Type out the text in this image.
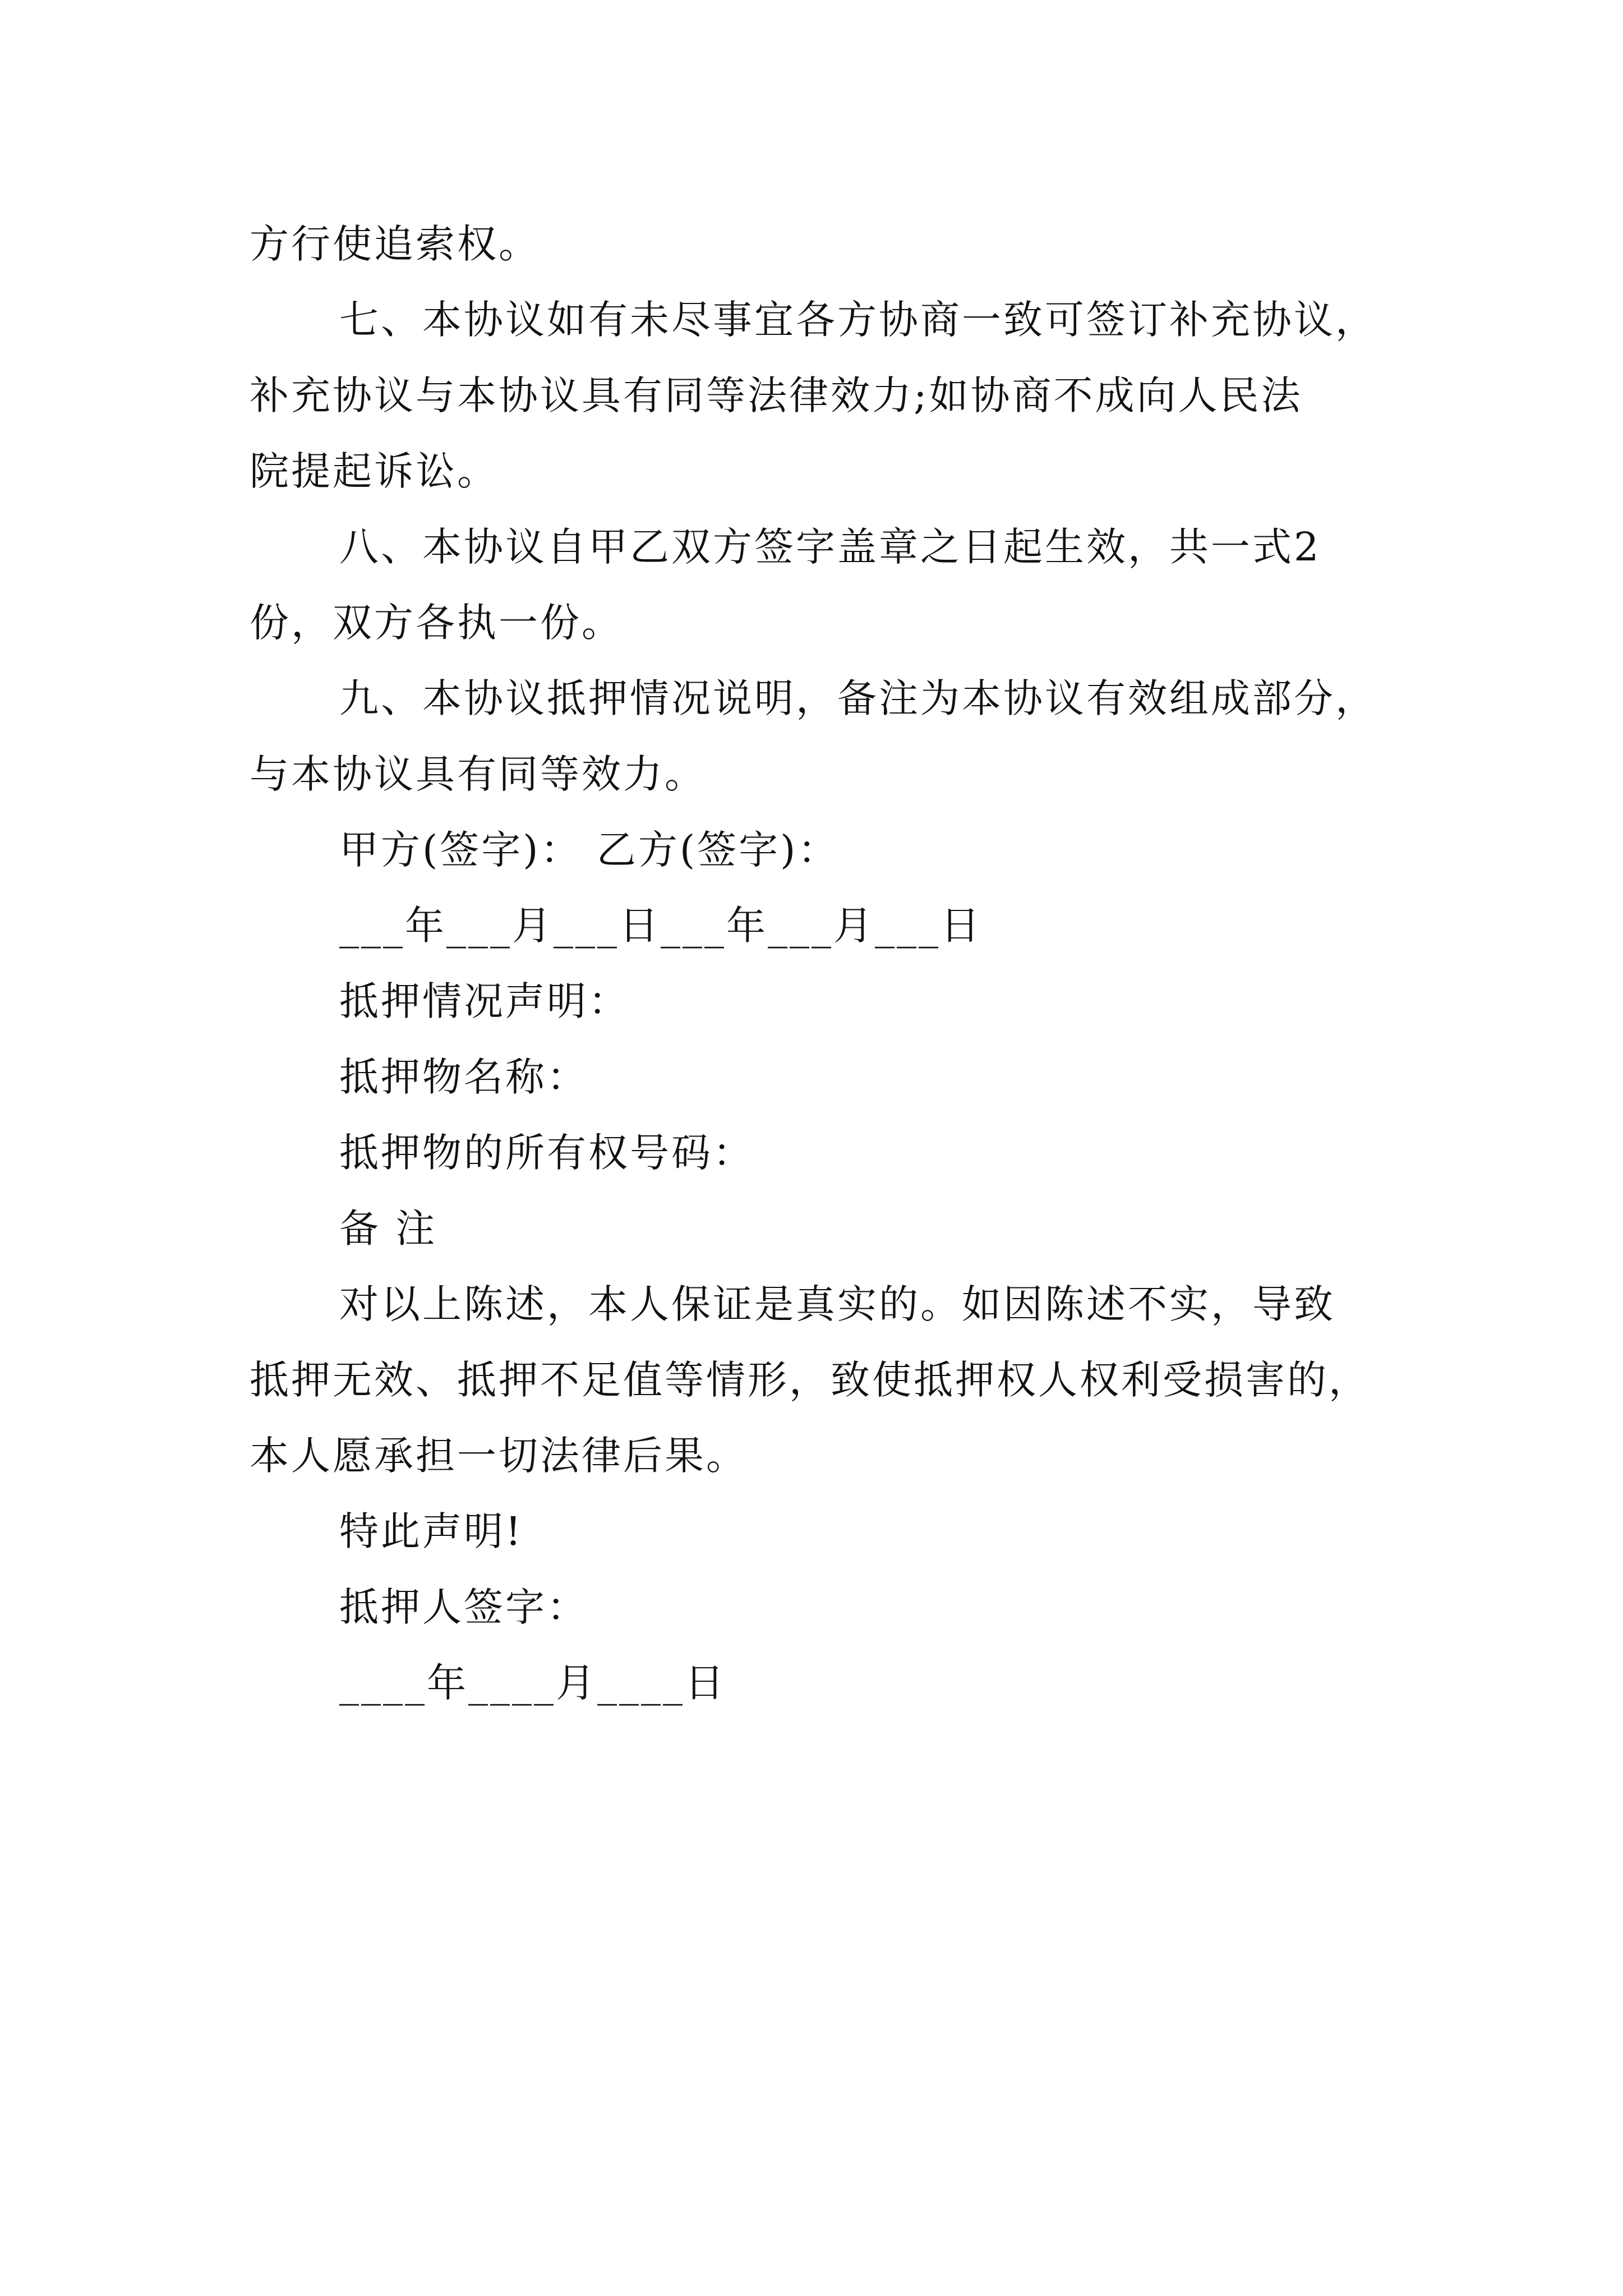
方行使追索权。
七、本协议如有未尽事宜各方协商一致可签订补充协议，
补充协议与本协议具有同等法律效力;如协商不成向人民法
院提起诉讼。
八、本协议自甲乙双方签字盖章之日起生效，共一式2
份，双方各执一份。
九、本协议抵押情况说明，备注为本协议有效组成部分，
与本协议具有同等效力。
甲方(签字)： 乙方(签字)：
___年___月___日___年___月___日
抵押情况声明：
抵押物名称：
抵押物的所有权号码：
备 注
对以上陈述，本人保证是真实的。如因陈述不实，导致
抵押无效、抵押不足值等情形，致使抵押权人权利受损害的，
本人愿承担一切法律后果。
特此声明!
抵押人签字：
____年____月____日
